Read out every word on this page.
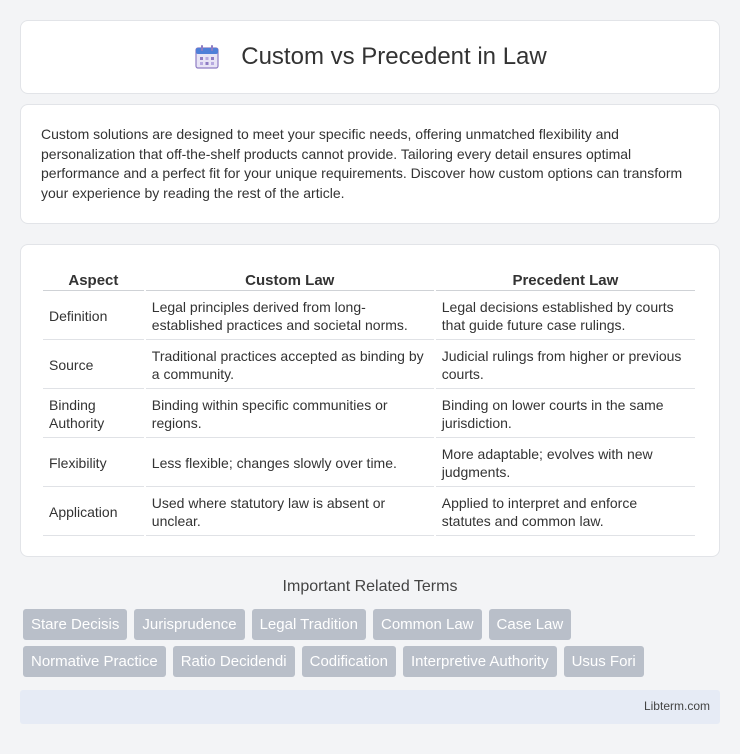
Custom vs Precedent in Law

Custom solutions are designed to meet your specific needs, offering unmatched flexibility and personalization that off-the-shelf products cannot provide. Tailoring every detail ensures optimal performance and a perfect fit for your unique requirements. Discover how custom options can transform your experience by reading the rest of the article.

Aspect	Custom Law	Precedent Law
Definition	Legal principles derived from long-established practices and societal norms.	Legal decisions established by courts that guide future case rulings.
Source	Traditional practices accepted as binding by a community.	Judicial rulings from higher or previous courts.
Binding Authority	Binding within specific communities or regions.	Binding on lower courts in the same jurisdiction.
Flexibility	Less flexible; changes slowly over time.	More adaptable; evolves with new judgments.
Application	Used where statutory law is absent or unclear.	Applied to interpret and enforce statutes and common law.
Important Related Terms
Stare Decisis	Jurisprudence	Legal Tradition	Common Law	Case Law
Normative Practice	Ratio Decidendi	Codification	Interpretive Authority	Usus Fori
Libterm.com
